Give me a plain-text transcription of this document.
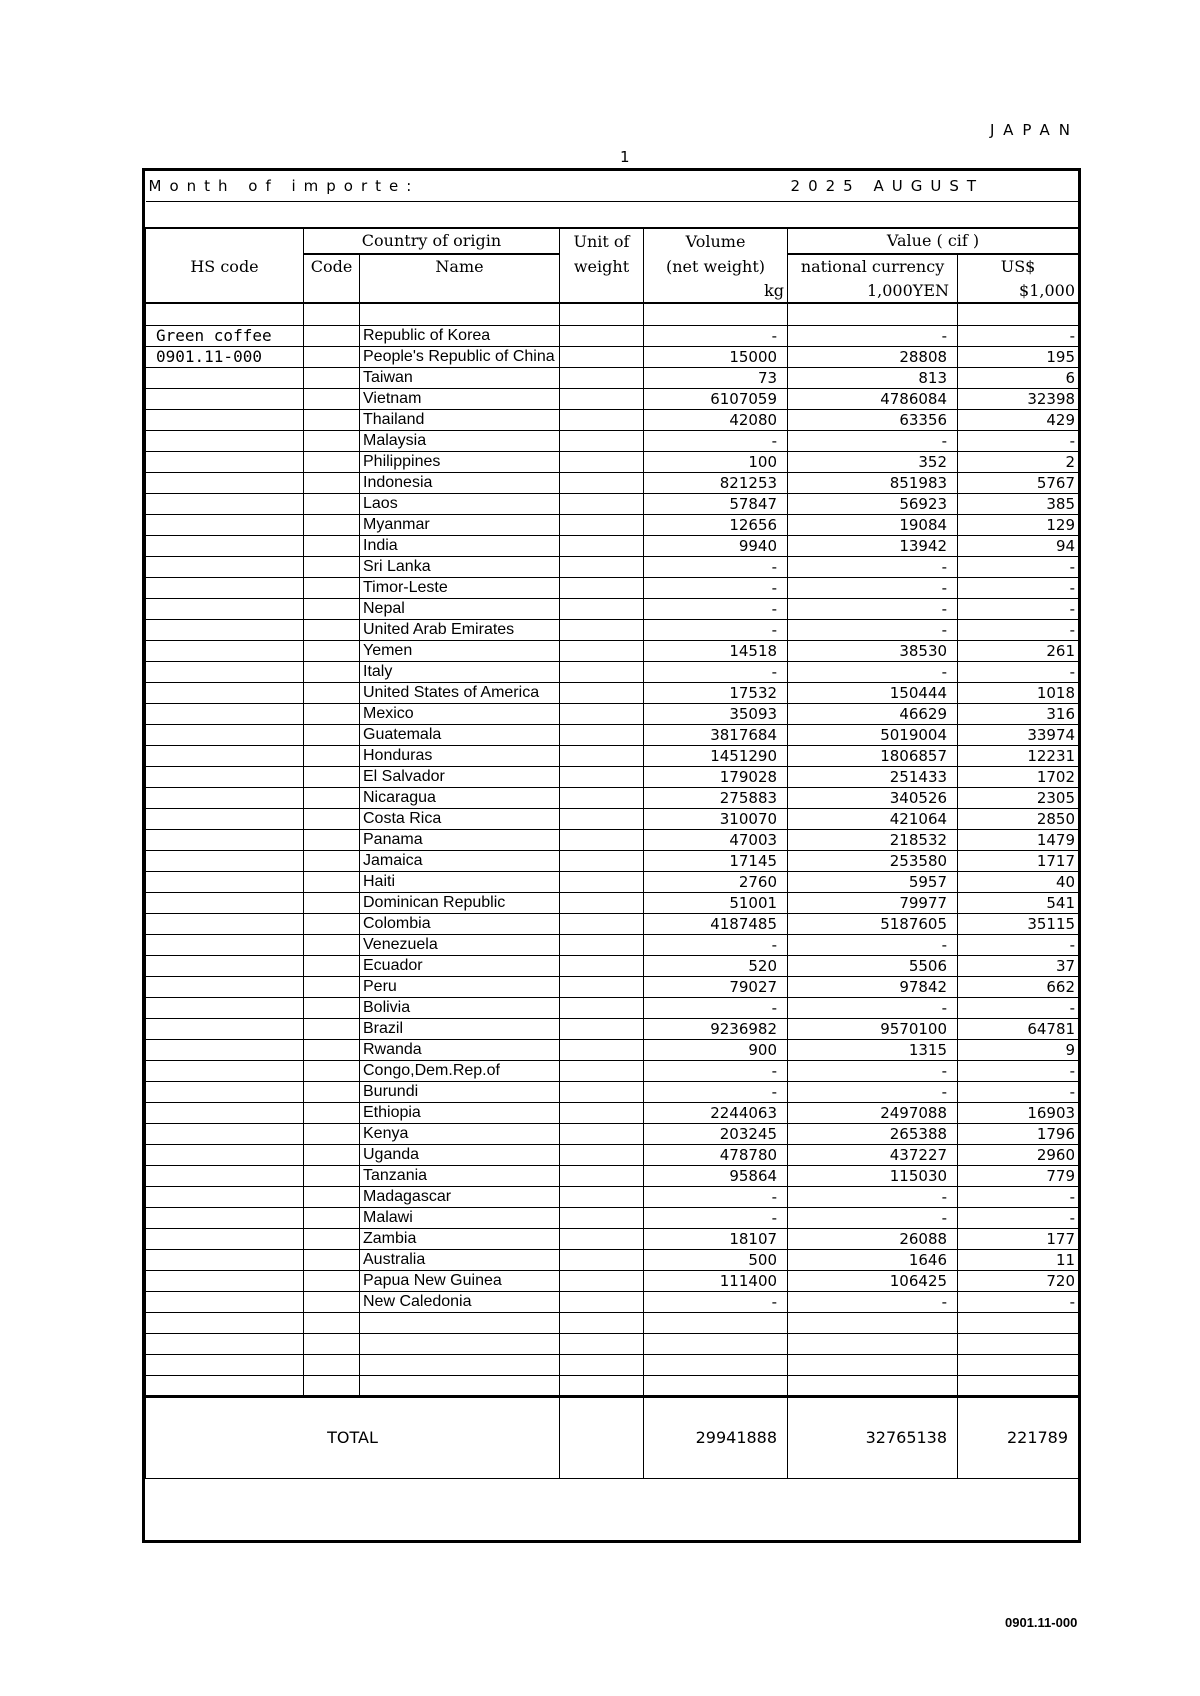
JAPAN
1
Month of importe:					2025 AUGUST	

	Country of origin		Unit of	Volume	Value ( cif )	
HS code	Code	Name	weight	(net weight)	national currency	US$
				kg	1,000YEN	$1,000

Green coffee		Republic of Korea		-	-	-
0901.11-000		People's Republic of China		15000	28808	195
		Taiwan		73	813	6
		Vietnam		6107059	4786084	32398
		Thailand		42080	63356	429
		Malaysia		-	-	-
		Philippines		100	352	2
		Indonesia		821253	851983	5767
		Laos		57847	56923	385
		Myanmar		12656	19084	129
		India		9940	13942	94
		Sri Lanka		-	-	-
		Timor-Leste		-	-	-
		Nepal		-	-	-
		United Arab Emirates		-	-	-
		Yemen		14518	38530	261
		Italy		-	-	-
		United States of America		17532	150444	1018
		Mexico		35093	46629	316
		Guatemala		3817684	5019004	33974
		Honduras		1451290	1806857	12231
		El Salvador		179028	251433	1702
		Nicaragua		275883	340526	2305
		Costa Rica		310070	421064	2850
		Panama		47003	218532	1479
		Jamaica		17145	253580	1717
		Haiti		2760	5957	40
		Dominican Republic		51001	79977	541
		Colombia		4187485	5187605	35115
		Venezuela		-	-	-
		Ecuador		520	5506	37
		Peru		79027	97842	662
		Bolivia		-	-	-
		Brazil		9236982	9570100	64781
		Rwanda		900	1315	9
		Congo,Dem.Rep.of		-	-	-
		Burundi		-	-	-
		Ethiopia		2244063	2497088	16903
		Kenya		203245	265388	1796
		Uganda		478780	437227	2960
		Tanzania		95864	115030	779
		Madagascar		-	-	-
		Malawi		-	-	-
		Zambia		18107	26088	177
		Australia		500	1646	11
		Papua New Guinea		111400	106425	720
		New Caledonia		-	-	-

TOTAL				29941888	32765138	221789
0901.11-000
